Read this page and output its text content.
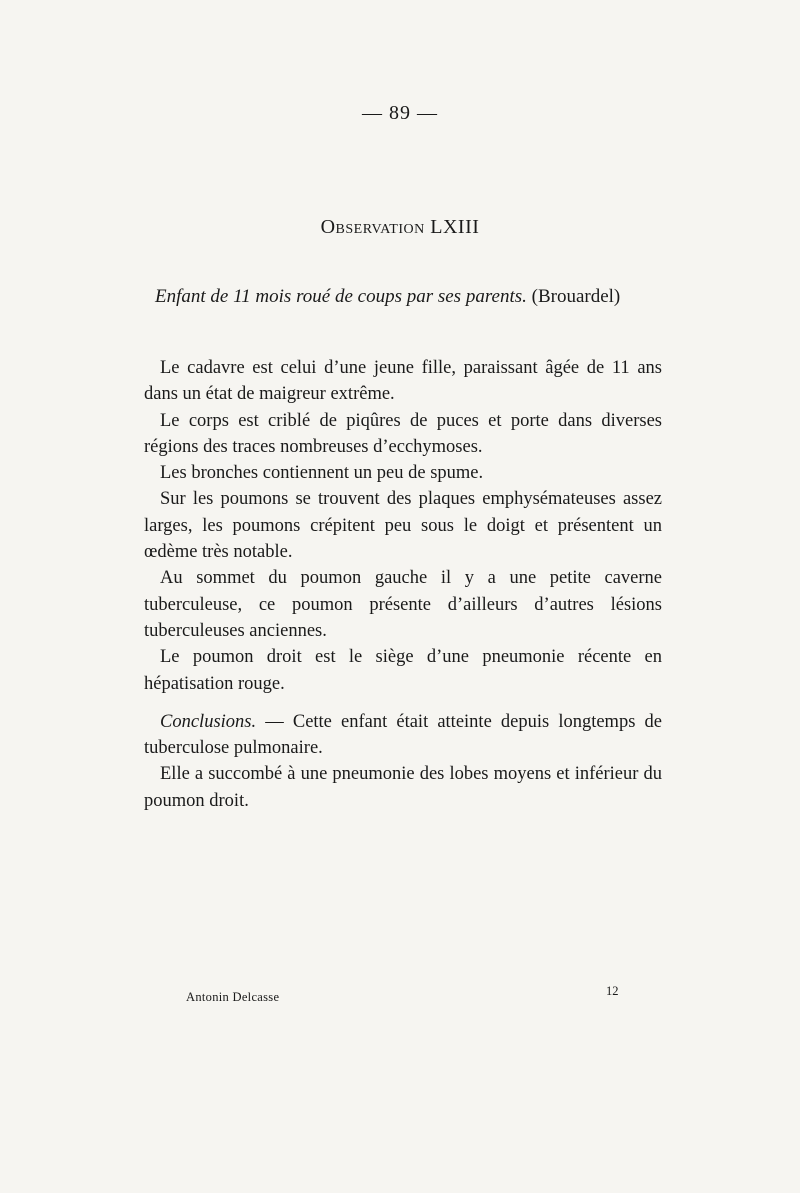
— 89 —
Observation LXIII
Enfant de 11 mois roué de coups par ses parents. (Brouardel)

Le cadavre est celui d’une jeune fille, paraissant âgée de 11 ans dans un état de maigreur extrême.

Le corps est criblé de piqûres de puces et porte dans diverses régions des traces nombreuses d’ecchymoses.

Les bronches contiennent un peu de spume.

Sur les poumons se trouvent des plaques emphysémateuses assez larges, les poumons crépitent peu sous le doigt et présentent un œdème très notable.

Au sommet du poumon gauche il y a une petite caverne tuberculeuse, ce poumon présente d’ailleurs d’autres lésions tuberculeuses anciennes.

Le poumon droit est le siège d’une pneumonie récente en hépatisation rouge.

Conclusions. — Cette enfant était atteinte depuis longtemps de tuberculose pulmonaire.

Elle a succombé à une pneumonie des lobes moyens et inférieur du poumon droit.

Antonin Delcasse	12
